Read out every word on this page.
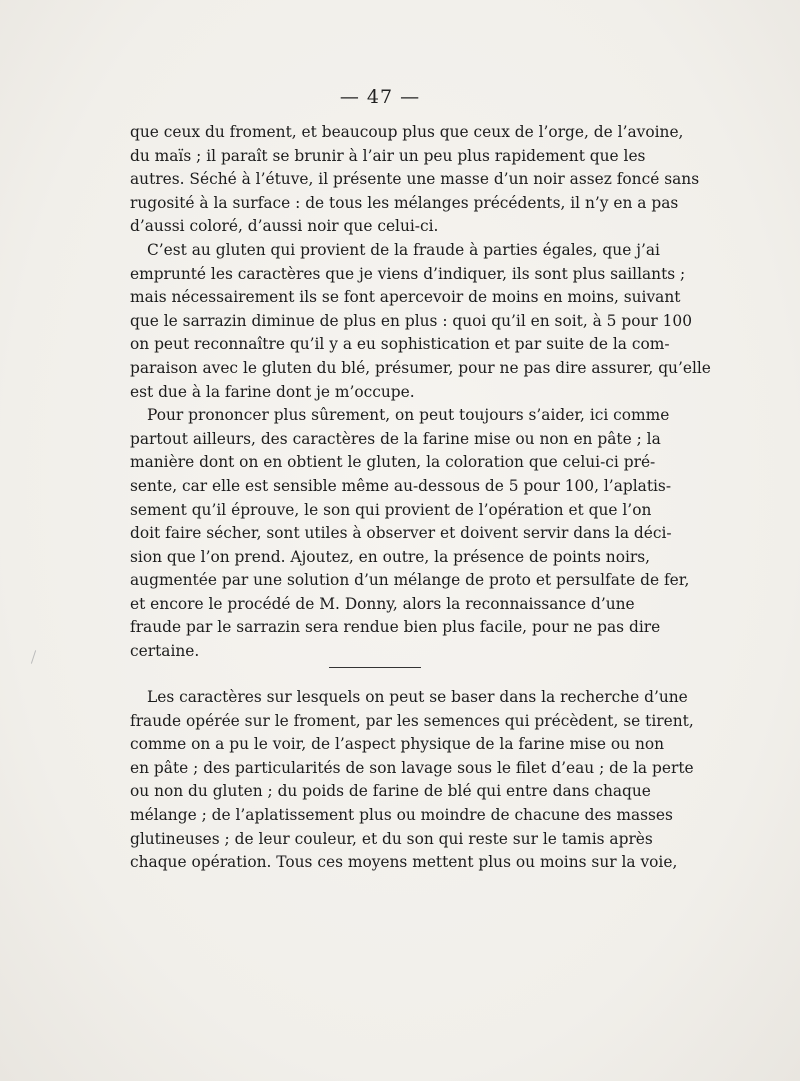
— 47 —
que ceux du froment, et beaucoup plus que ceux de l’orge, de l’avoine,
du maïs ; il paraît se brunir à l’air un peu plus rapidement que les
autres. Séché à l’étuve, il présente une masse d’un noir assez foncé sans
rugosité à la surface : de tous les mélanges précédents, il n’y en a pas
d’aussi coloré, d’aussi noir que celui-ci.
C’est au gluten qui provient de la fraude à parties égales, que j’ai
emprunté les caractères que je viens d’indiquer, ils sont plus saillants ;
mais nécessairement ils se font apercevoir de moins en moins, suivant
que le sarrazin diminue de plus en plus : quoi qu’il en soit, à 5 pour 100
on peut reconnaître qu’il y a eu sophistication et par suite de la com-
paraison avec le gluten du blé, présumer, pour ne pas dire assurer, qu’elle
est due à la farine dont je m’occupe.
Pour prononcer plus sûrement, on peut toujours s’aider, ici comme
partout ailleurs, des caractères de la farine mise ou non en pâte ; la
manière dont on en obtient le gluten, la coloration que celui-ci pré-
sente, car elle est sensible même au-dessous de 5 pour 100, l’aplatis-
sement qu’il éprouve, le son qui provient de l’opération et que l’on
doit faire sécher, sont utiles à observer et doivent servir dans la déci-
sion que l’on prend. Ajoutez, en outre, la présence de points noirs,
augmentée par une solution d’un mélange de proto et persulfate de fer,
et encore le procédé de M. Donny, alors la reconnaissance d’une
fraude par le sarrazin sera rendue bien plus facile, pour ne pas dire
certaine.
Les caractères sur lesquels on peut se baser dans la recherche d’une
fraude opérée sur le froment, par les semences qui précèdent, se tirent,
comme on a pu le voir, de l’aspect physique de la farine mise ou non
en pâte ; des particularités de son lavage sous le filet d’eau ; de la perte
ou non du gluten ; du poids de farine de blé qui entre dans chaque
mélange ; de l’aplatissement plus ou moindre de chacune des masses
glutineuses ; de leur couleur, et du son qui reste sur le tamis après
chaque opération. Tous ces moyens mettent plus ou moins sur la voie,
